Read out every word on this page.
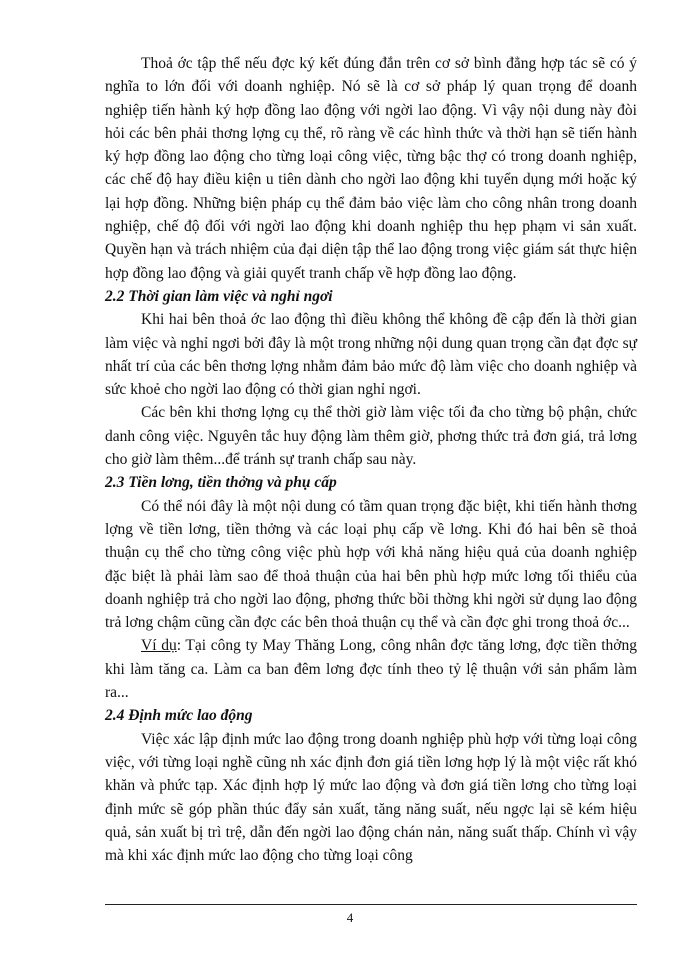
Thoả ớc tập thể nếu đợc ký kết đúng đắn trên cơ sở bình đẳng hợp tác sẽ có ý nghĩa to lớn đối với doanh nghiệp. Nó sẽ là cơ sở pháp lý quan trọng để doanh nghiệp tiến hành ký hợp đồng lao động với ngời lao động. Vì vậy nội dung này đòi hỏi các bên phải thơng lợng cụ thể, rõ ràng về các hình thức và thời hạn sẽ tiến hành ký hợp đồng lao động cho từng loại công việc, từng bậc thợ có trong doanh nghiệp, các chế độ hay điều kiện u tiên dành cho ngời lao động khi tuyển dụng mới hoặc ký lại hợp đồng. Những biện pháp cụ thể đảm bảo việc làm cho công nhân trong doanh nghiệp, chế độ đối với ngời lao động khi doanh nghiệp thu hẹp phạm vi sản xuất. Quyền hạn và trách nhiệm của đại diện tập thể lao động trong việc giám sát thực hiện hợp đồng lao động và giải quyết tranh chấp về hợp đồng lao động.

2.2 Thời gian làm việc và nghỉ ngơi

Khi hai bên thoả ớc lao động thì điều không thể không đề cập đến là thời gian làm việc và nghỉ ngơi bởi đây là một trong những nội dung quan trọng cần đạt đợc sự nhất trí của các bên thơng lợng nhằm đảm bảo mức độ làm việc cho doanh nghiệp và sức khoẻ cho ngời lao động có thời gian nghỉ ngơi.

Các bên khi thơng lợng cụ thể thời giờ làm việc tối đa cho từng bộ phận, chức danh công việc. Nguyên tắc huy động làm thêm giờ, phơng thức trả đơn giá, trả lơng cho giờ làm thêm...để tránh sự tranh chấp sau này.

2.3 Tiền lơng, tiền thởng và phụ cấp

Có thể nói đây là một nội dung có tầm quan trọng đặc biệt, khi tiến hành thơng lợng về tiền lơng, tiền thởng và các loại phụ cấp về lơng. Khi đó hai bên sẽ thoả thuận cụ thể cho từng công việc phù hợp với khả năng hiệu quả của doanh nghiệp đặc biệt là phải làm sao để thoả thuận của hai bên phù hợp mức lơng tối thiểu của doanh nghiệp trả cho ngời lao động, phơng thức bồi thờng khi ngời sử dụng lao động trả lơng chậm cũng cần đợc các bên thoả thuận cụ thể và cần đợc ghi trong thoả ớc...

Ví dụ: Tại công ty May Thăng Long, công nhân đợc tăng lơng, đợc tiền thởng khi làm tăng ca. Làm ca ban đêm lơng đợc tính theo tỷ lệ thuận với sản phẩm làm ra...

2.4 Định mức lao động

Việc xác lập định mức lao động trong doanh nghiệp phù hợp với từng loại công việc, với từng loại nghề cũng nh xác định đơn giá tiền lơng hợp lý là một việc rất khó khăn và phức tạp. Xác định hợp lý mức lao động và đơn giá tiền lơng cho từng loại định mức sẽ góp phần thúc đẩy sản xuất, tăng năng suất, nếu ngợc lại sẽ kém hiệu quả, sản xuất bị trì trệ, dẫn đến ngời lao động chán nản, năng suất thấp. Chính vì vậy mà khi xác định mức lao động cho từng loại công

4
